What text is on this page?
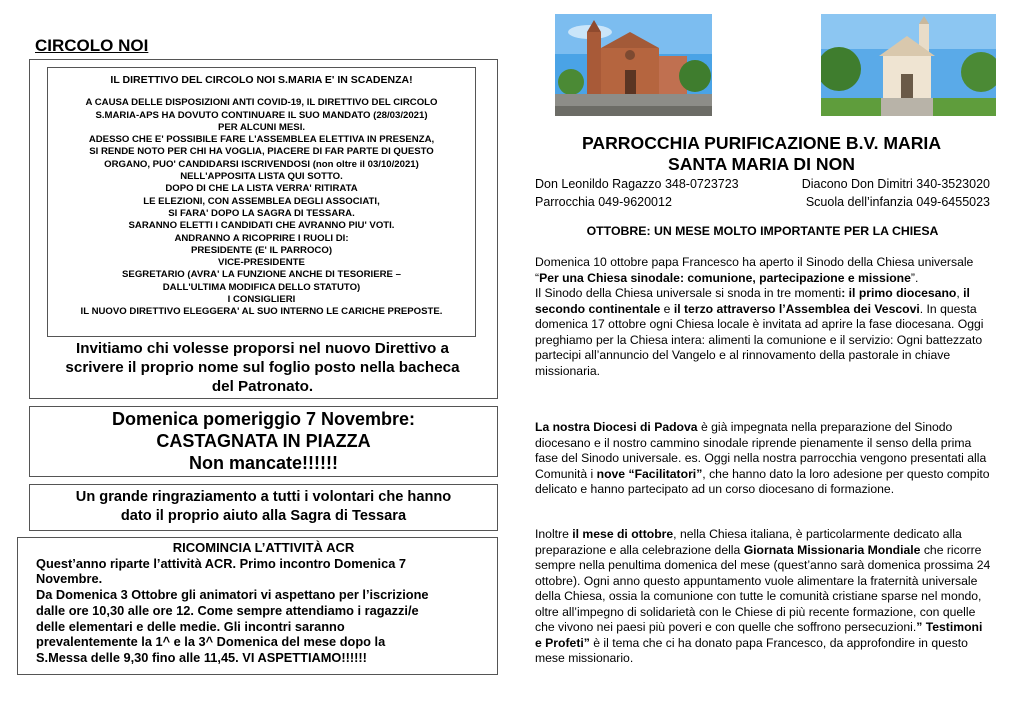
CIRCOLO NOI
IL DIRETTIVO DEL CIRCOLO NOI S.MARIA E' IN SCADENZA!
A CAUSA DELLE DISPOSIZIONI ANTI COVID-19, IL DIRETTIVO DEL CIRCOLO
S.MARIA-APS HA DOVUTO CONTINUARE IL SUO MANDATO (28/03/2021)
PER ALCUNI MESI.
ADESSO CHE E' POSSIBILE FARE L'ASSEMBLEA ELETTIVA IN PRESENZA,
SI RENDE NOTO PER CHI HA VOGLIA, PIACERE DI FAR PARTE DI QUESTO
ORGANO, PUO' CANDIDARSI ISCRIVENDOSI (non oltre il 03/10/2021)
NELL'APPOSITA LISTA QUI SOTTO.
DOPO DI CHE LA LISTA VERRA' RITIRATA
LE ELEZIONI, CON ASSEMBLEA DEGLI ASSOCIATI,
SI FARA' DOPO LA SAGRA DI TESSARA.
SARANNO ELETTI I CANDIDATI CHE AVRANNO PIU' VOTI.
ANDRANNO A RICOPRIRE I RUOLI DI:
PRESIDENTE (E' IL PARROCO)
VICE-PRESIDENTE
SEGRETARIO (AVRA' LA FUNZIONE ANCHE DI TESORIERE –
DALL'ULTIMA MODIFICA DELLO STATUTO)
I CONSIGLIERI
IL NUOVO DIRETTIVO ELEGGERA' AL SUO INTERNO LE CARICHE PREPOSTE.
Invitiamo chi volesse proporsi nel nuovo Direttivo a
scrivere il proprio nome sul foglio posto nella bacheca
del Patronato.
Domenica pomeriggio 7 Novembre:
CASTAGNATA IN PIAZZA
Non mancate!!!!!!
Un grande ringraziamento a tutti i volontari che hanno
dato il proprio aiuto alla Sagra di Tessara
RICOMINCIA L’ATTIVITÀ ACR
Quest’anno riparte l’attività ACR. Primo incontro Domenica 7
Novembre.
Da Domenica 3 Ottobre gli animatori vi aspettano per l’iscrizione
dalle ore 10,30 alle ore 12. Come sempre attendiamo i ragazzi/e
delle elementari e delle medie. Gli incontri saranno
prevalentemente la 1^ e la 3^ Domenica del mese dopo la
S.Messa delle 9,30 fino alle 11,45. VI ASPETTIAMO!!!!!!
PARROCCHIA PURIFICAZIONE B.V. MARIA
SANTA MARIA DI NON
Don Leonildo Ragazzo 348-0723723	Diacono Don Dimitri 340-3523020
Parrocchia 049-9620012	Scuola dell’infanzia 049-6455023
OTTOBRE: UN MESE MOLTO IMPORTANTE PER LA CHIESA
Domenica 10 ottobre papa Francesco ha aperto il Sinodo della Chiesa universale “Per una Chiesa sinodale: comunione, partecipazione e missione”.
Il Sinodo della Chiesa universale si snoda in tre momenti: il primo diocesano, il secondo continentale e il terzo attraverso l’Assemblea dei Vescovi. In questa domenica 17 ottobre ogni Chiesa locale è invitata ad aprire la fase diocesana. Oggi preghiamo per la Chiesa intera: alimenti la comunione e il servizio: Ogni battezzato partecipi all’annuncio del Vangelo e al rinnovamento della pastorale in chiave missionaria.
La nostra Diocesi di Padova è già impegnata nella preparazione del Sinodo diocesano e il nostro cammino sinodale riprende pienamente il senso della prima fase del Sinodo universale. es. Oggi nella nostra parrocchia vengono presentati alla Comunità i nove “Facilitatori”, che hanno dato la loro adesione per questo compito delicato e hanno partecipato ad un corso diocesano di formazione.
Inoltre il mese di ottobre, nella Chiesa italiana, è particolarmente dedicato alla preparazione e alla celebrazione della Giornata Missionaria Mondiale che ricorre sempre nella penultima domenica del mese (quest’anno sarà domenica prossima 24 ottobre). Ogni anno questo appuntamento vuole alimentare la fraternità universale della Chiesa, ossia la comunione con tutte le comunità cristiane sparse nel mondo, oltre all’impegno di solidarietà con le Chiese di più recente formazione, con quelle che vivono nei paesi più poveri e con quelle che soffrono persecuzioni.” Testimoni e Profeti” è il tema che ci ha donato papa Francesco, da approfondire in questo mese missionario.
